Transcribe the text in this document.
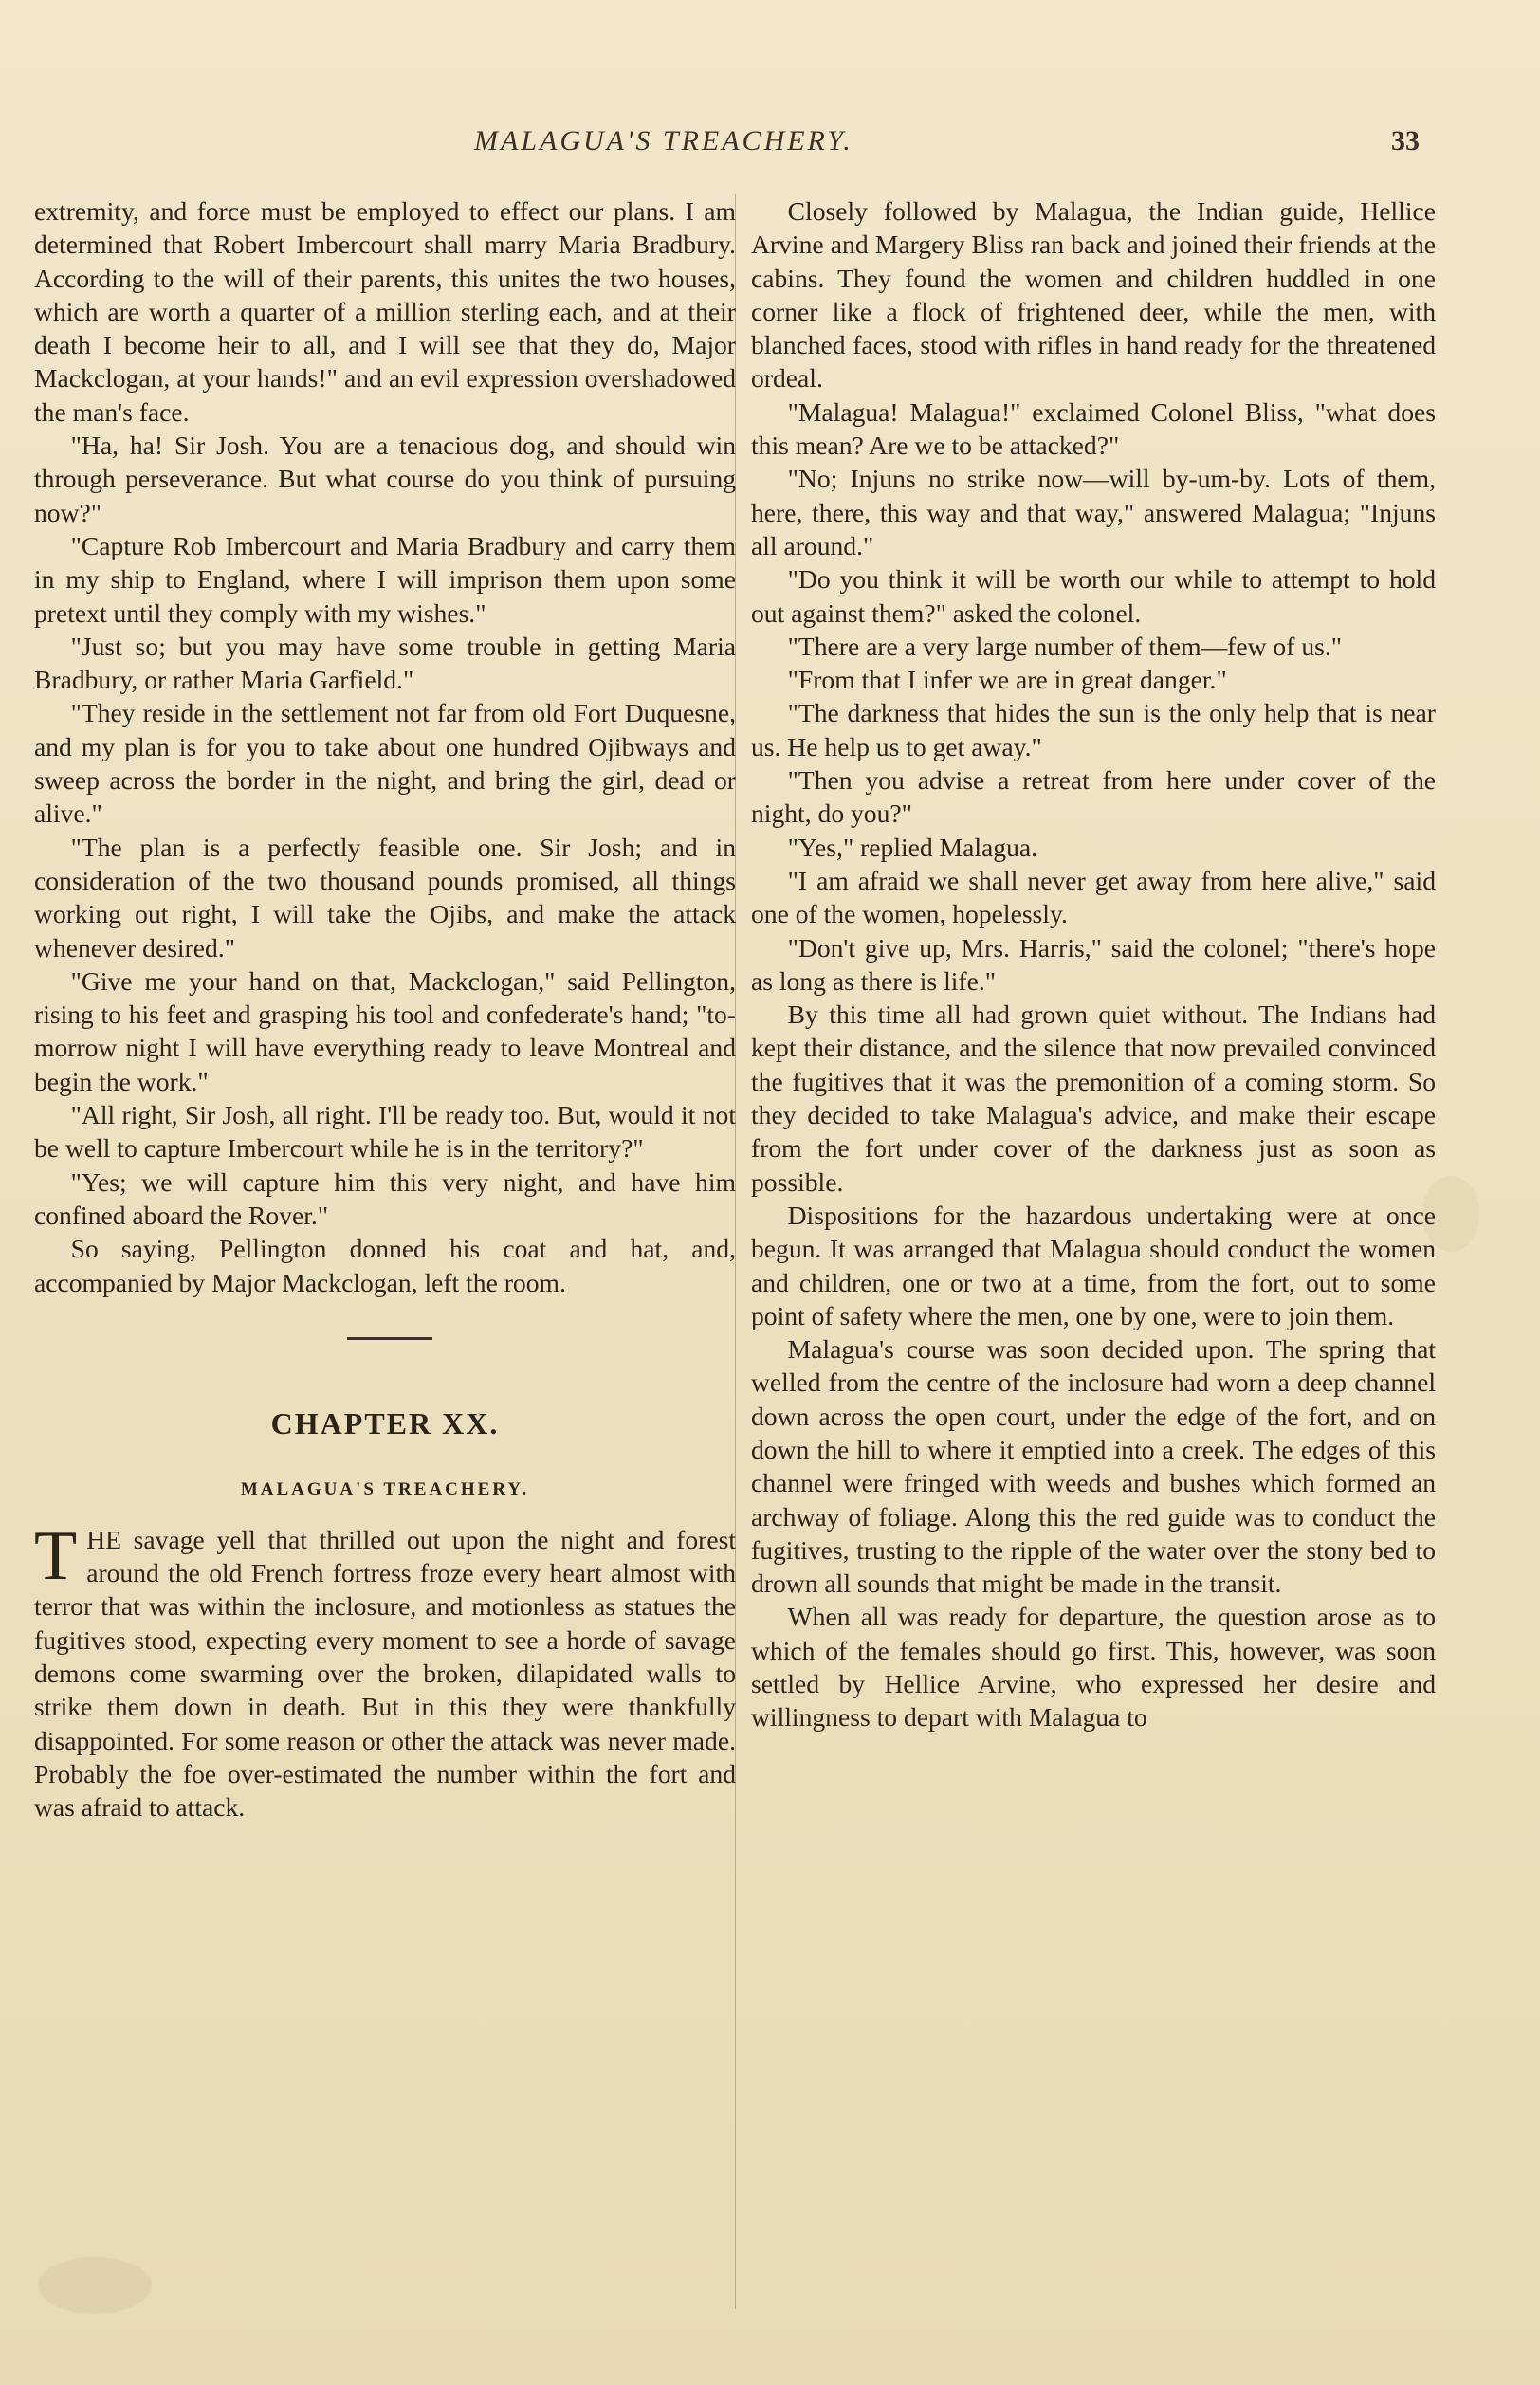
MALAGUA'S TREACHERY.	33

extremity, and force must be employed to effect our plans. I am determined that Robert Imbercourt shall marry Maria Bradbury. According to the will of their parents, this unites the two houses, which are worth a quarter of a million sterling each, and at their death I become heir to all, and I will see that they do, Major Mackclogan, at your hands!" and an evil expression overshadowed the man's face.

"Ha, ha! Sir Josh. You are a tenacious dog, and should win through perseverance. But what course do you think of pursuing now?"

"Capture Rob Imbercourt and Maria Bradbury and carry them in my ship to England, where I will imprison them upon some pretext until they comply with my wishes."

"Just so; but you may have some trouble in getting Maria Bradbury, or rather Maria Garfield."

"They reside in the settlement not far from old Fort Duquesne, and my plan is for you to take about one hundred Ojibways and sweep across the border in the night, and bring the girl, dead or alive."

"The plan is a perfectly feasible one. Sir Josh; and in consideration of the two thousand pounds promised, all things working out right, I will take the Ojibs, and make the attack whenever desired."

"Give me your hand on that, Mackclogan," said Pellington, rising to his feet and grasping his tool and confederate's hand; "to-morrow night I will have everything ready to leave Montreal and begin the work."

"All right, Sir Josh, all right. I'll be ready too. But, would it not be well to capture Imbercourt while he is in the territory?"

"Yes; we will capture him this very night, and have him confined aboard the Rover."

So saying, Pellington donned his coat and hat, and, accompanied by Major Mackclogan, left the room.

CHAPTER XX.
MALAGUA'S TREACHERY.

THE savage yell that thrilled out upon the night and forest around the old French fortress froze every heart almost with terror that was within the inclosure, and motionless as statues the fugitives stood, expecting every moment to see a horde of savage demons come swarming over the broken, dilapidated walls to strike them down in death. But in this they were thankfully disappointed. For some reason or other the attack was never made. Probably the foe over-estimated the number within the fort and was afraid to attack.

Closely followed by Malagua, the Indian guide, Hellice Arvine and Margery Bliss ran back and joined their friends at the cabins. They found the women and children huddled in one corner like a flock of frightened deer, while the men, with blanched faces, stood with rifles in hand ready for the threatened ordeal.

"Malagua! Malagua!" exclaimed Colonel Bliss, "what does this mean? Are we to be attacked?"

"No; Injuns no strike now—will by-um-by. Lots of them, here, there, this way and that way," answered Malagua; "Injuns all around."

"Do you think it will be worth our while to attempt to hold out against them?" asked the colonel.

"There are a very large number of them—few of us."

"From that I infer we are in great danger."

"The darkness that hides the sun is the only help that is near us. He help us to get away."

"Then you advise a retreat from here under cover of the night, do you?"

"Yes," replied Malagua.

"I am afraid we shall never get away from here alive," said one of the women, hopelessly.

"Don't give up, Mrs. Harris," said the colonel; "there's hope as long as there is life."

By this time all had grown quiet without. The Indians had kept their distance, and the silence that now prevailed convinced the fugitives that it was the premonition of a coming storm. So they decided to take Malagua's advice, and make their escape from the fort under cover of the darkness just as soon as possible.

Dispositions for the hazardous undertaking were at once begun. It was arranged that Malagua should conduct the women and children, one or two at a time, from the fort, out to some point of safety where the men, one by one, were to join them.

Malagua's course was soon decided upon. The spring that welled from the centre of the inclosure had worn a deep channel down across the open court, under the edge of the fort, and on down the hill to where it emptied into a creek. The edges of this channel were fringed with weeds and bushes which formed an archway of foliage. Along this the red guide was to conduct the fugitives, trusting to the ripple of the water over the stony bed to drown all sounds that might be made in the transit.

When all was ready for departure, the question arose as to which of the females should go first. This, however, was soon settled by Hellice Arvine, who expressed her desire and willingness to depart with Malagua to
